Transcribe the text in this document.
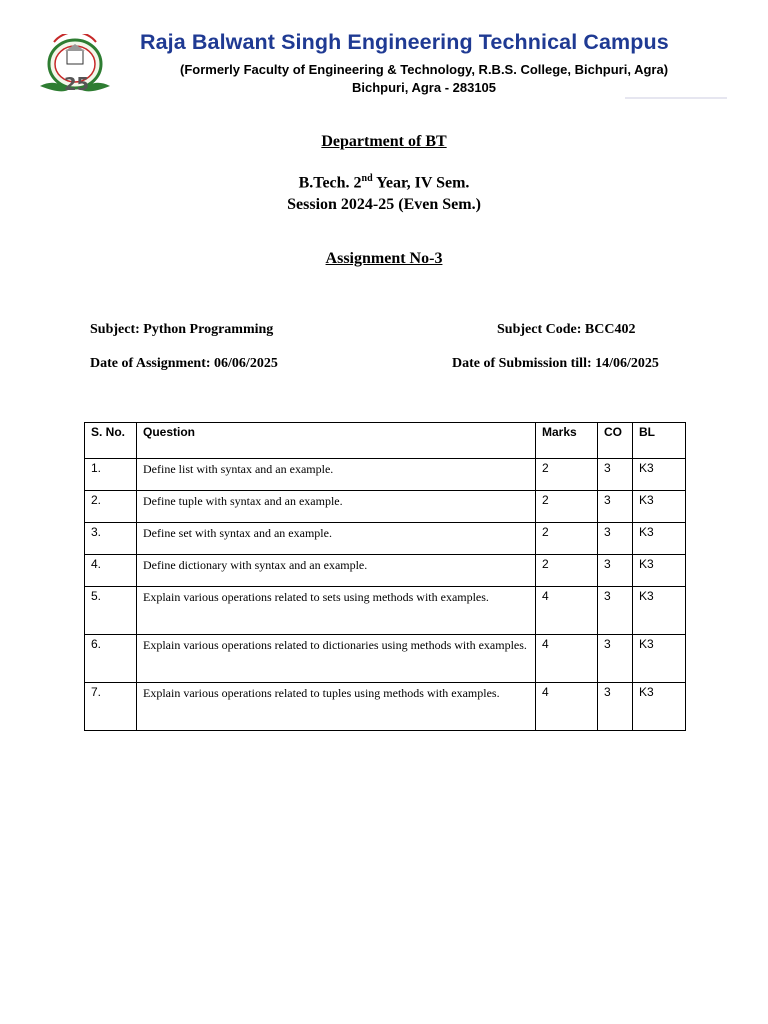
25
Raja Balwant Singh Engineering Technical Campus
(Formerly Faculty of Engineering & Technology, R.B.S. College, Bichpuri, Agra)
Bichpuri, Agra - 283105
Department of BT
B.Tech. 2nd Year, IV Sem.
Session 2024-25 (Even Sem.)
Assignment No-3
Subject: Python Programming	Subject Code: BCC402
Date of Assignment: 06/06/2025	Date of Submission till: 14/06/2025
S. No.	Question	Marks	CO	BL
1.	Define list with syntax and an example.	2	3	K3
2.	Define tuple with syntax and an example.	2	3	K3
3.	Define set with syntax and an example.	2	3	K3
4.	Define dictionary with syntax and an example.	2	3	K3
5.	Explain various operations related to sets using methods with examples.	4	3	K3
6.	Explain various operations related to dictionaries using methods with examples.	4	3	K3
7.	Explain various operations related to tuples using methods with examples.	4	3	K3
